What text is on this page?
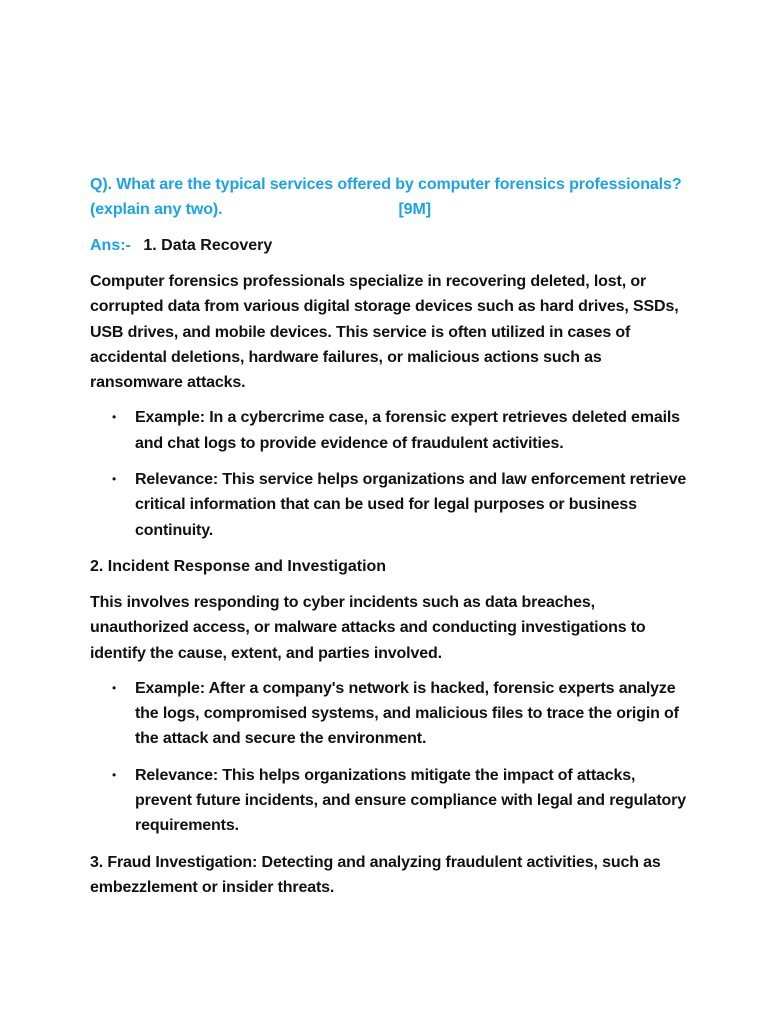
Q). What are the typical services offered by computer forensics professionals? (explain any two).	[9M]

Ans:- 1. Data Recovery

Computer forensics professionals specialize in recovering deleted, lost, or corrupted data from various digital storage devices such as hard drives, SSDs, USB drives, and mobile devices. This service is often utilized in cases of accidental deletions, hardware failures, or malicious actions such as ransomware attacks.

• Example: In a cybercrime case, a forensic expert retrieves deleted emails and chat logs to provide evidence of fraudulent activities.
• Relevance: This service helps organizations and law enforcement retrieve critical information that can be used for legal purposes or business continuity.

2. Incident Response and Investigation

This involves responding to cyber incidents such as data breaches, unauthorized access, or malware attacks and conducting investigations to identify the cause, extent, and parties involved.

• Example: After a company's network is hacked, forensic experts analyze the logs, compromised systems, and malicious files to trace the origin of the attack and secure the environment.
• Relevance: This helps organizations mitigate the impact of attacks, prevent future incidents, and ensure compliance with legal and regulatory requirements.

3. Fraud Investigation: Detecting and analyzing fraudulent activities, such as embezzlement or insider threats.
